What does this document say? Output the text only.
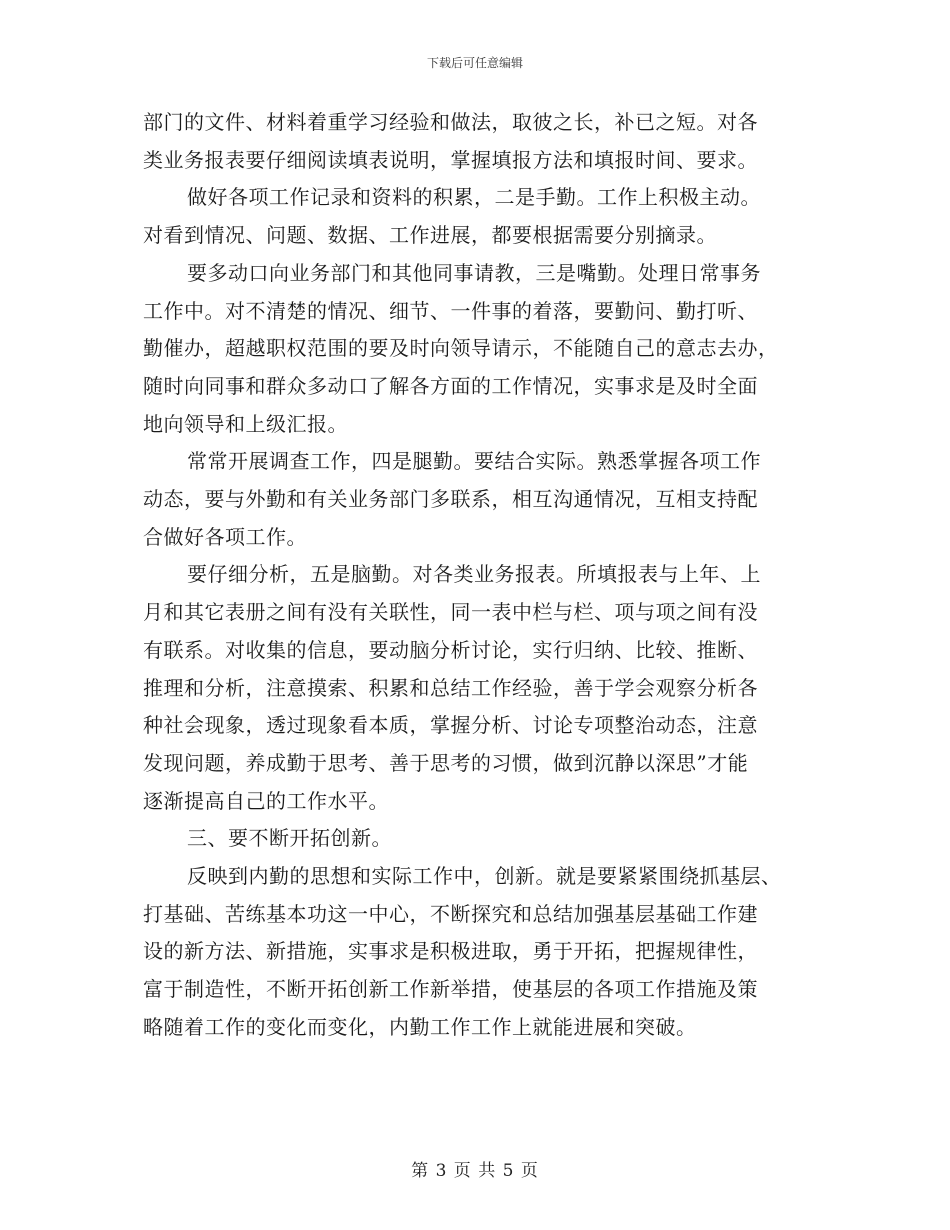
下载后可任意编辑
部门的文件、材料着重学习经验和做法，取彼之长，补已之短。对各
类业务报表要仔细阅读填表说明，掌握填报方法和填报时间、要求。
做好各项工作记录和资料的积累，二是手勤。工作上积极主动。
对看到情况、问题、数据、工作进展，都要根据需要分别摘录。
要多动口向业务部门和其他同事请教，三是嘴勤。处理日常事务
工作中。对不清楚的情况、细节、一件事的着落，要勤问、勤打听、
勤催办，超越职权范围的要及时向领导请示，不能随自己的意志去办，
随时向同事和群众多动口了解各方面的工作情况，实事求是及时全面
地向领导和上级汇报。
常常开展调查工作，四是腿勤。要结合实际。熟悉掌握各项工作
动态，要与外勤和有关业务部门多联系，相互沟通情况，互相支持配
合做好各项工作。
要仔细分析，五是脑勤。对各类业务报表。所填报表与上年、上
月和其它表册之间有没有关联性，同一表中栏与栏、项与项之间有没
有联系。对收集的信息，要动脑分析讨论，实行归纳、比较、推断、
推理和分析，注意摸索、积累和总结工作经验，善于学会观察分析各
种社会现象，透过现象看本质，掌握分析、讨论专项整治动态，注意
发现问题，养成勤于思考、善于思考的习惯，做到沉静以深思”才能
逐渐提高自己的工作水平。
三、要不断开拓创新。
反映到内勤的思想和实际工作中，创新。就是要紧紧围绕抓基层、
打基础、苦练基本功这一中心，不断探究和总结加强基层基础工作建
设的新方法、新措施，实事求是积极进取，勇于开拓，把握规律性，
富于制造性，不断开拓创新工作新举措，使基层的各项工作措施及策
略随着工作的变化而变化，内勤工作工作上就能进展和突破。
第 3 页 共 5 页
